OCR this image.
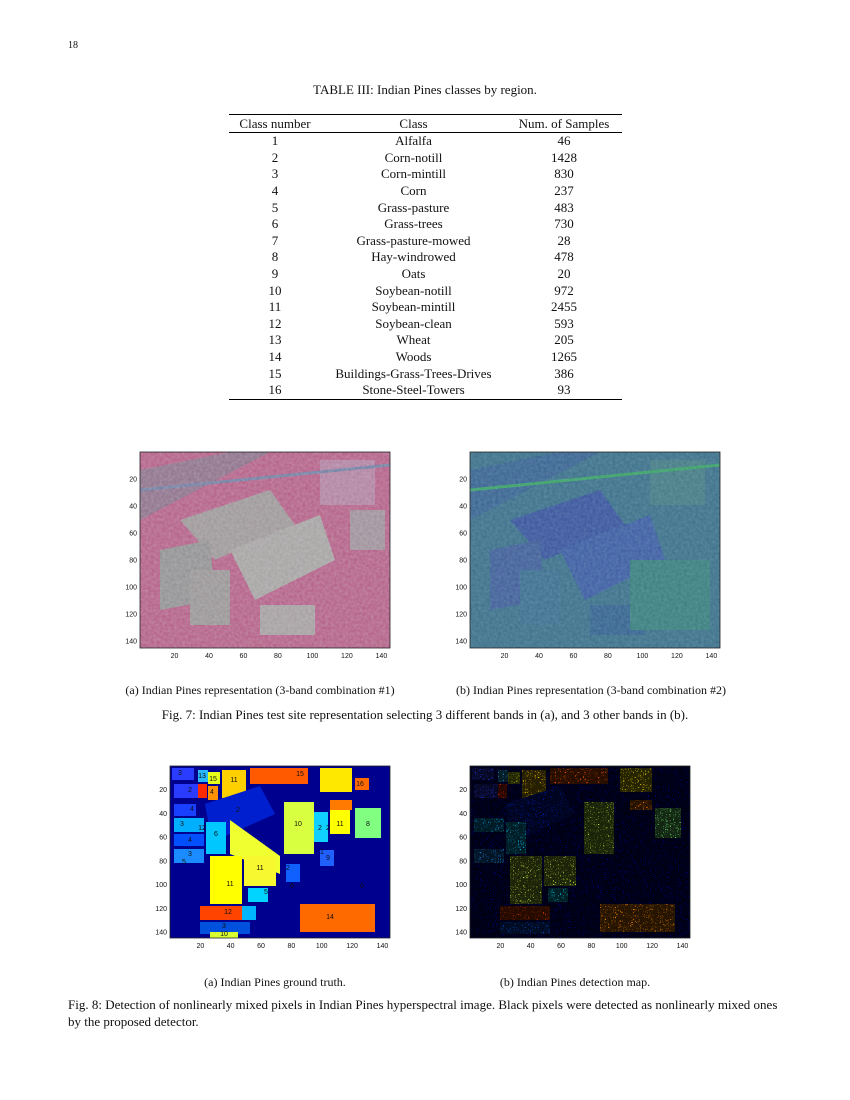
18
TABLE III: Indian Pines classes by region.
Class number	Class	Num. of Samples
1	Alfalfa	46
2	Corn-notill	1428
3	Corn-mintill	830
4	Corn	237
5	Grass-pasture	483
6	Grass-trees	730
7	Grass-pasture-mowed	28
8	Hay-windrowed	478
9	Oats	20
10	Soybean-notill	972
11	Soybean-mintill	2455
12	Soybean-clean	593
13	Wheat	205
14	Woods	1265
15	Buildings-Grass-Trees-Drives	386
16	Stone-Steel-Towers	93
20
40
60
80
100
120
140
20	40	60	80	100	120	140
20
40
60
80
100
120
140
20	40	60	80	100	120	140
(a) Indian Pines representation (3-band combination #1)	(b) Indian Pines representation (3-band combination #2)
Fig. 7: Indian Pines test site representation selecting 3 different bands in (a), and 3 other bands in (b).
3 13 15 11
2
15
4
16
4	2
3
4
12
6
10
2 2
11	8
3	1
9
5
11
2
11
5
6	0
12
14
3
10
20
40
60
80
100
120
140
20	40	60	80	100	120	140
20
40
60
80
100
120
140
20	40	60	80	100	120	140
(a) Indian Pines ground truth.	(b) Indian Pines detection map.
Fig. 8: Detection of nonlinearly mixed pixels in Indian Pines hyperspectral image. Black pixels were detected as nonlinearly mixed ones by the proposed detector.
